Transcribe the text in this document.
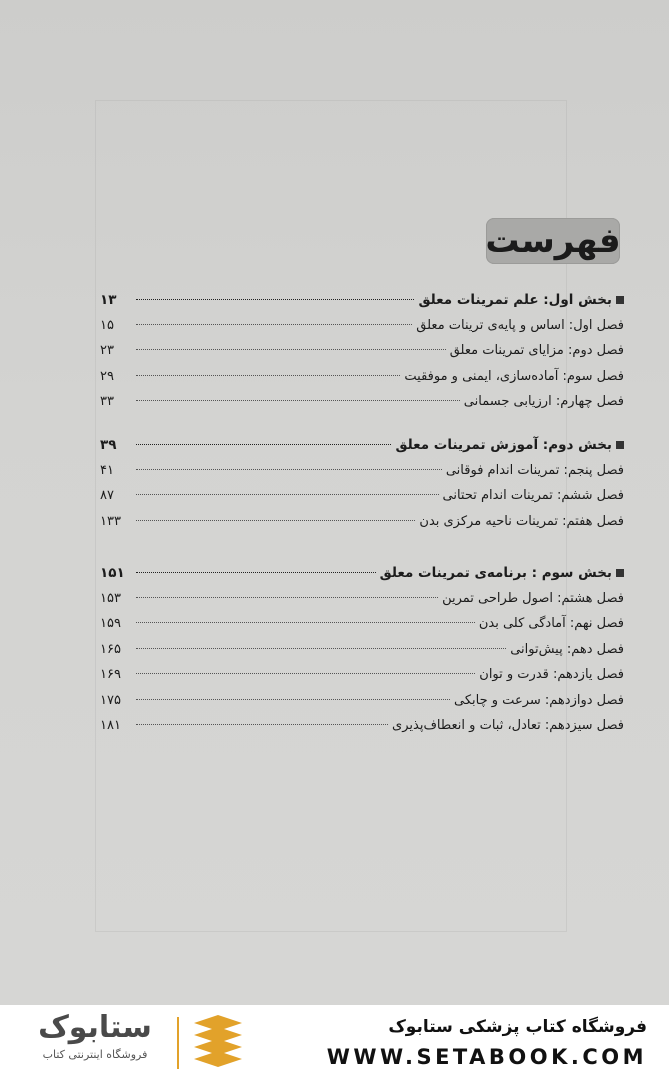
فهرست
بخش اول: علم تمرینات معلق
۱۳
فصل اول: اساس و پایه‌ی ترینات معلق
۱۵
فصل دوم: مزایای تمرینات معلق
۲۳
فصل سوم: آماده‌سازی، ایمنی و موفقیت
۲۹
فصل چهارم: ارزیابی جسمانی
۳۳
بخش دوم: آموزش تمرینات معلق
۳۹
فصل پنجم: تمرینات اندام فوقانی
۴۱
فصل ششم: تمرینات اندام تحتانی
۸۷
فصل هفتم: تمرینات ناحیه مرکزی بدن
۱۳۳
بخش سوم : برنامه‌ی تمرینات معلق
۱۵۱
فصل هشتم: اصول طراحی تمرین
۱۵۳
فصل نهم: آمادگی کلی بدن
۱۵۹
فصل دهم: پیش‌توانی
۱۶۵
فصل یازدهم: قدرت و توان
۱۶۹
فصل دوازدهم: سرعت و چابکی
۱۷۵
فصل سیزدهم: تعادل، ثبات و انعطاف‌پذیری
۱۸۱
فروشگاه کتاب پزشکی ستابوک
WWW.SETABOOK.COM
ستابوک
فروشگاه اینترنتی کتاب
